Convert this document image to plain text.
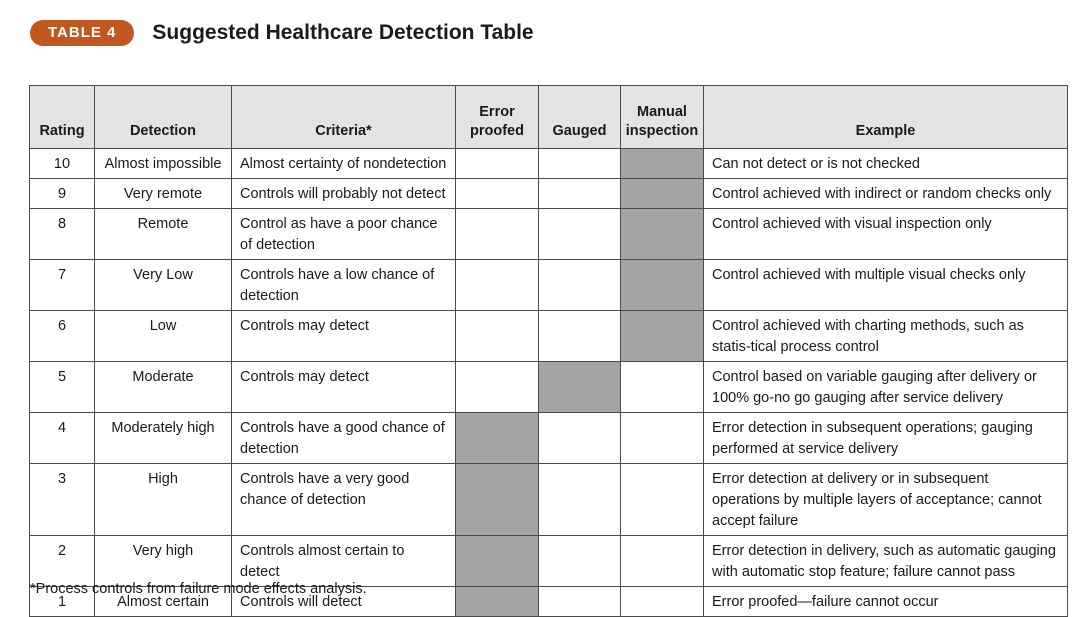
TABLE 4	Suggested Healthcare Detection Table
Rating	Detection	Criteria*	Error proofed	Gauged	Manual inspection	Example
10	Almost impossible	Almost certainty of nondetection				Can not detect or is not checked
9	Very remote	Controls will probably not detect				Control achieved with indirect or random checks only
8	Remote	Control as have a poor chance of detection				Control achieved with visual inspection only
7	Very Low	Controls have a low chance of detection				Control achieved with multiple visual checks only
6	Low	Controls may detect				Control achieved with charting methods, such as statis-tical process control
5	Moderate	Controls may detect				Control based on variable gauging after delivery or 100% go-no go gauging after service delivery
4	Moderately high	Controls have a good chance of detection				Error detection in subsequent operations; gauging performed at service delivery
3	High	Controls have a very good chance of detection				Error detection at delivery or in subsequent operations by multiple layers of acceptance; cannot accept failure
2	Very high	Controls almost certain to detect				Error detection in delivery, such as automatic gauging with automatic stop feature; failure cannot pass
1	Almost certain	Controls will detect				Error proofed—failure cannot occur
*Process controls from failure mode effects analysis.
